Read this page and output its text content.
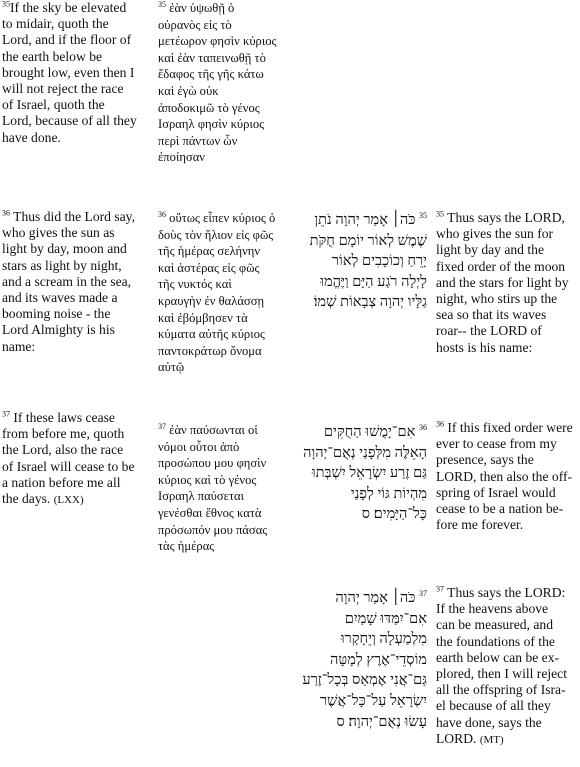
$^{35}$If the sky be elevated
to midair, quoth the
Lord, and if the floor of
the earth below be
brought low, even then I
will not reject the race
of Israel, quoth the
Lord, because of all they
have done.
$^{35}$ ἐὰν ὑψωθῇ ὁ
οὐρανὸς εἰς τὸ
μετέωρον φησὶν κύριος
καὶ ἐὰν ταπεινωθῇ τὸ
ἔδαφος τῆς γῆς κάτω
καὶ ἐγὼ οὐκ
ἀποδοκιμῶ τὸ γένος
Ισραηλ φησὶν κύριος
περὶ πάντων ὧν
ἐποίησαν
$^{36}$ Thus did the Lord say,
who gives the sun as
light by day, moon and
stars as light by night,
and a scream in the sea,
and its waves made a
booming noise - the
Lord Almighty is his
name:
$^{36}$ οὕτως εἶπεν κύριος ὁ
δοὺς τὸν ἥλιον εἰς φῶς
τῆς ἡμέρας σελήνην
καὶ ἀστέρας εἰς φῶς
τῆς νυκτός καὶ
κραυγὴν ἐν θαλάσσῃ
καὶ ἐβόμβησεν τὰ
κύματα αὐτῆς κύριος
παντοκράτωρ ὄνομα
αὐτῷ
$^{35}$ כֹּה׀ אָמַר יְהוָה נֹתֵן
שֶׁמֶשׁ לְאוֹר יוֹמָם חֻקֹּת
יָרֵחַ וְכוֹכָבִים לְאוֹר
לָיְלָה רֹגַע הַיָּם וַיֶּהֱמוּ
גַלָּיו יְהוָה צְבָאוֹת שְׁמוֹ׃
$^{35}$ Thus says the LORD,
who gives the sun for
light by day and the
fixed order of the moon
and the stars for light by
night, who stirs up the
sea so that its waves
roar-- the LORD of
hosts is his name:
$^{37}$ If these laws cease
from before me, quoth
the Lord, also the race
of Israel will cease to be
a nation before me all
the days. (LXX)
$^{37}$ ἐὰν παύσωνται οἱ
νόμοι οὗτοι ἀπὸ
προσώπου μου φησὶν
κύριος καὶ τὸ γένος
Ισραηλ παύσεται
γενέσθαι ἔθνος κατὰ
πρόσωπόν μου πάσας
τὰς ἡμέρας
$^{36}$ אִם־יָמֻשׁוּ הַחֻקִּים
הָאֵלֶּה מִלְּפָנַי נְאֻם־יְהוָה
גַּם זֶרַע יִשְׂרָאֵל יִשְׁבְּתוּ
מִהְיוֹת גּוֹי לְפָנַי
כָּל־הַיָּמִים׃ ס
$^{36}$ If this fixed order were
ever to cease from my
presence, says the
LORD, then also the off-
spring of Israel would
cease to be a nation be-
fore me forever.
$^{37}$ כֹּה׀ אָמַר יְהוָה
אִם־יִמַּדּוּ שָׁמַיִם
מִלְמַעְלָה וְיֵחָקְרוּ
מוֹסְדֵי־אֶרֶץ לְמָטָּה
גַּם־אֲנִי אֶמְאַס בְּכָל־זֶרַע
יִשְׂרָאֵל עַל־כָּל־אֲשֶׁר
עָשׂוּ נְאֻם־יְהוָה׃ ס
$^{37}$ Thus says the LORD:
If the heavens above
can be measured, and
the foundations of the
earth below can be ex-
plored, then I will reject
all the offspring of Isra-
el because of all they
have done, says the
LORD. (MT)
